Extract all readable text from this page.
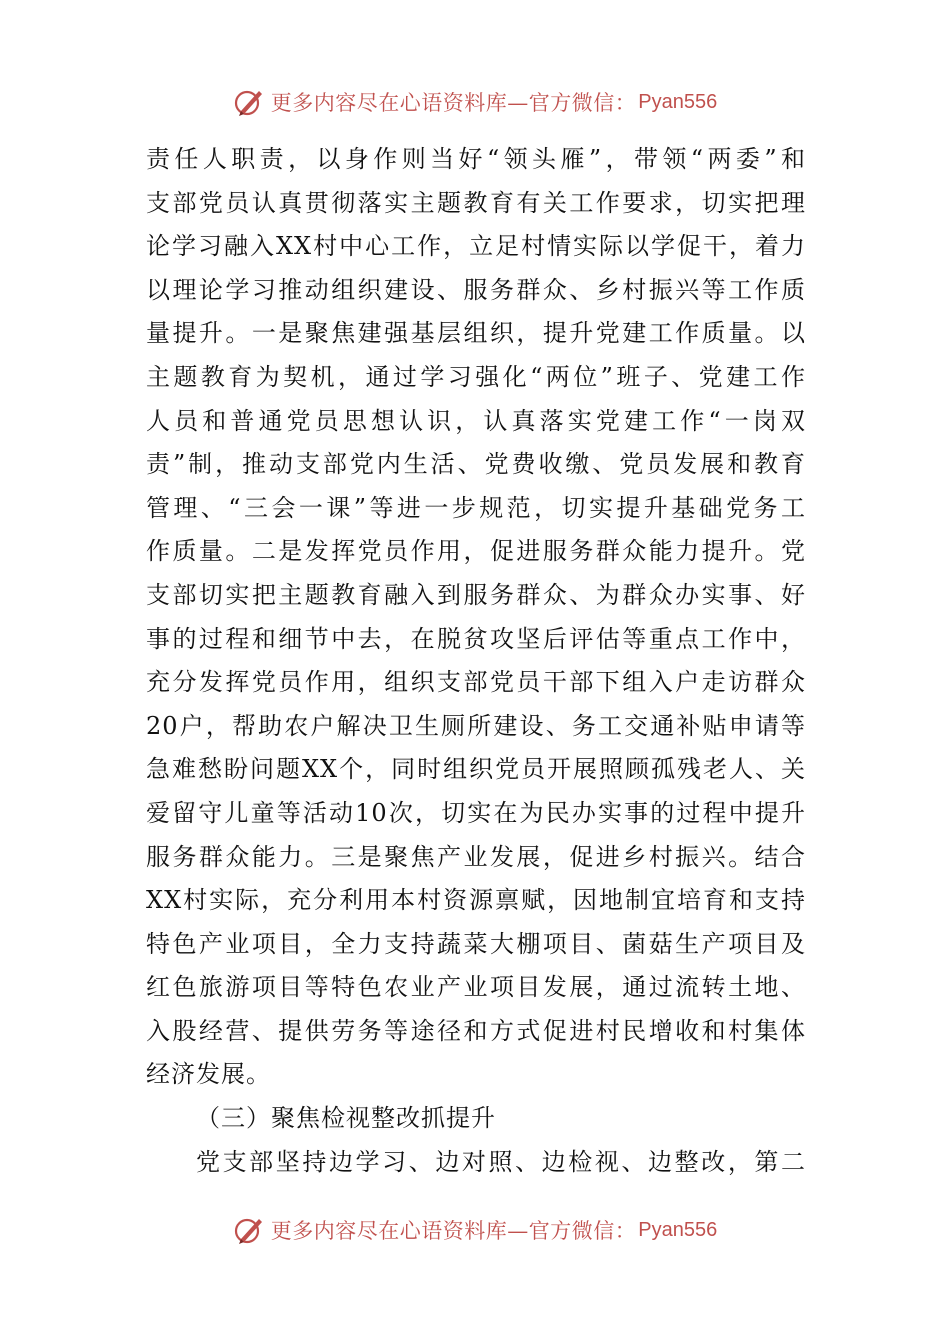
更多内容尽在心语资料库—官方微信： Pyan556
责任人职责，以身作则当好“领头雁”，带领“两委”和
支部党员认真贯彻落实主题教育有关工作要求，切实把理
论学习融入XX村中心工作，立足村情实际以学促干，着力
以理论学习推动组织建设、服务群众、乡村振兴等工作质
量提升。一是聚焦建强基层组织，提升党建工作质量。以
主题教育为契机，通过学习强化“两位”班子、党建工作
人员和普通党员思想认识，认真落实党建工作“一岗双
责”制，推动支部党内生活、党费收缴、党员发展和教育
管理、“三会一课”等进一步规范，切实提升基础党务工
作质量。二是发挥党员作用，促进服务群众能力提升。党
支部切实把主题教育融入到服务群众、为群众办实事、好
事的过程和细节中去，在脱贫攻坚后评估等重点工作中，
充分发挥党员作用，组织支部党员干部下组入户走访群众
20户，帮助农户解决卫生厕所建设、务工交通补贴申请等
急难愁盼问题XX个，同时组织党员开展照顾孤残老人、关
爱留守儿童等活动10次，切实在为民办实事的过程中提升
服务群众能力。三是聚焦产业发展，促进乡村振兴。结合
XX村实际，充分利用本村资源禀赋，因地制宜培育和支持
特色产业项目，全力支持蔬菜大棚项目、菌菇生产项目及
红色旅游项目等特色农业产业项目发展，通过流转土地、
入股经营、提供劳务等途径和方式促进村民增收和村集体
经济发展。
（三）聚焦检视整改抓提升
党支部坚持边学习、边对照、边检视、边整改，第二
更多内容尽在心语资料库—官方微信： Pyan556
